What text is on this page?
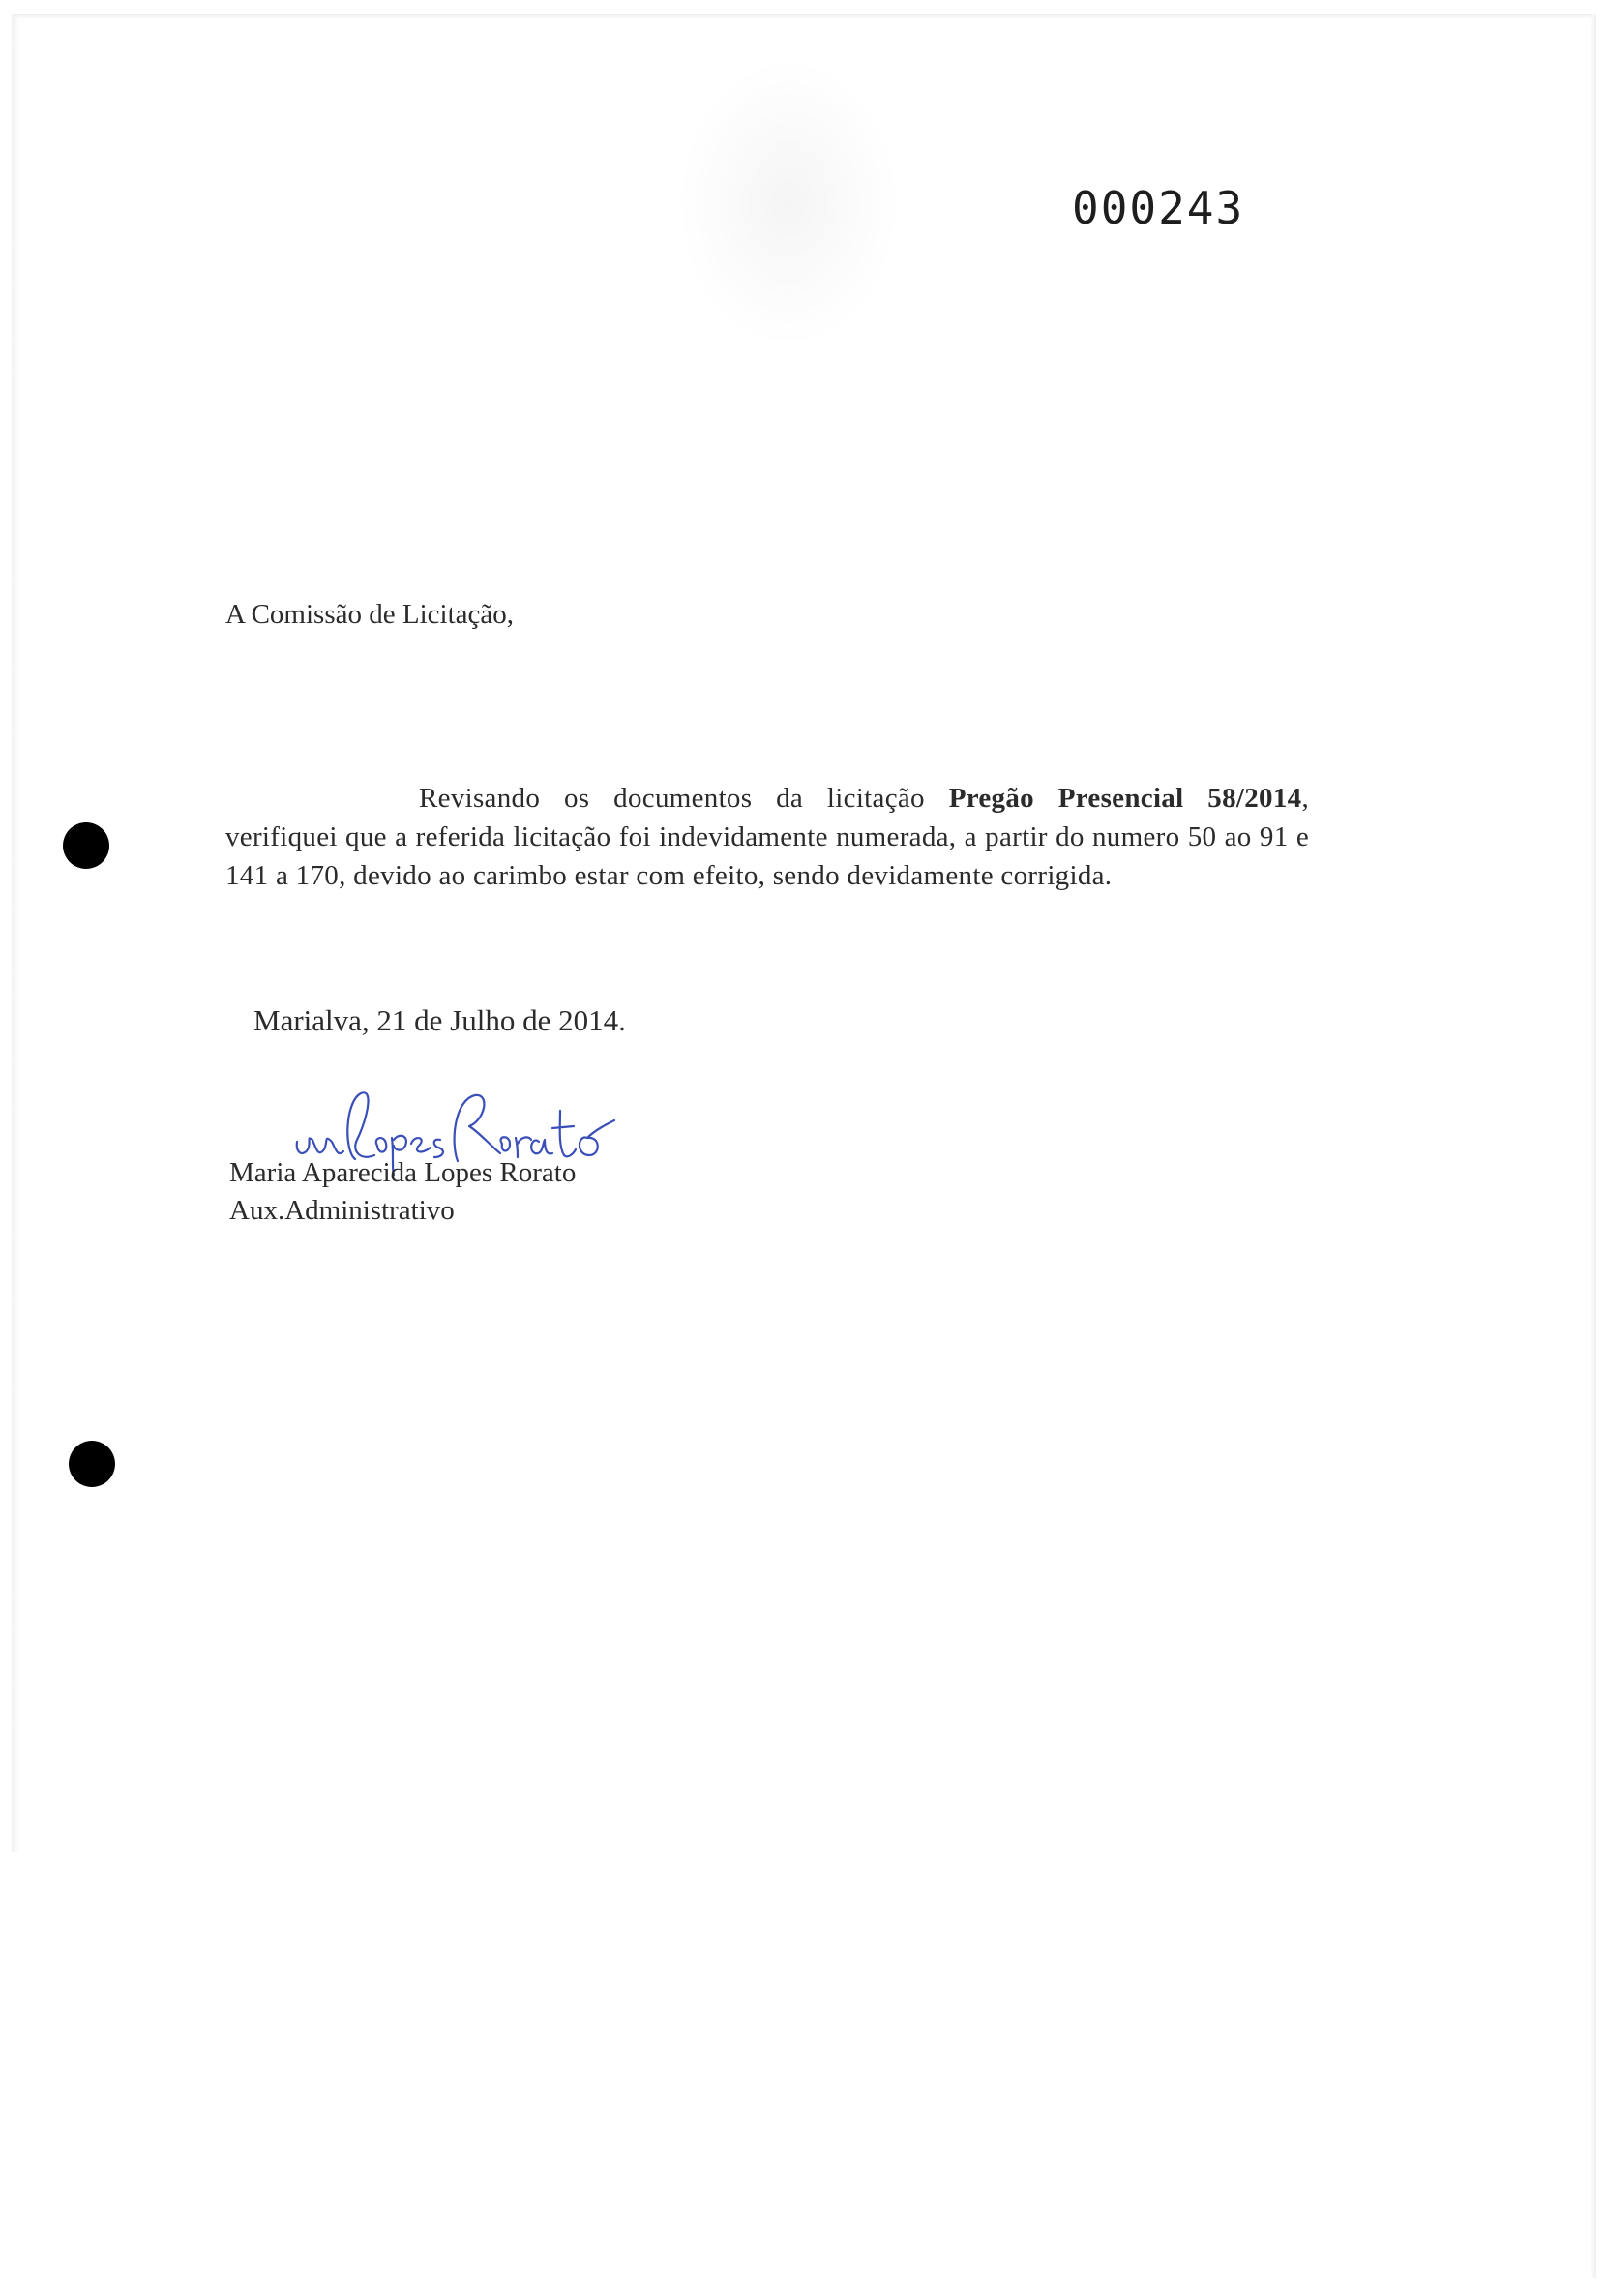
000243
A Comissão de Licitação,
Revisando os documentos da licitação Pregão Presencial 58/2014, verifiquei que a referida licitação foi indevidamente numerada, a partir do numero 50 ao 91 e 141 a 170, devido ao carimbo estar com efeito, sendo devidamente corrigida.
Marialva, 21 de Julho de 2014.
Maria Aparecida Lopes Rorato
Aux.Administrativo
